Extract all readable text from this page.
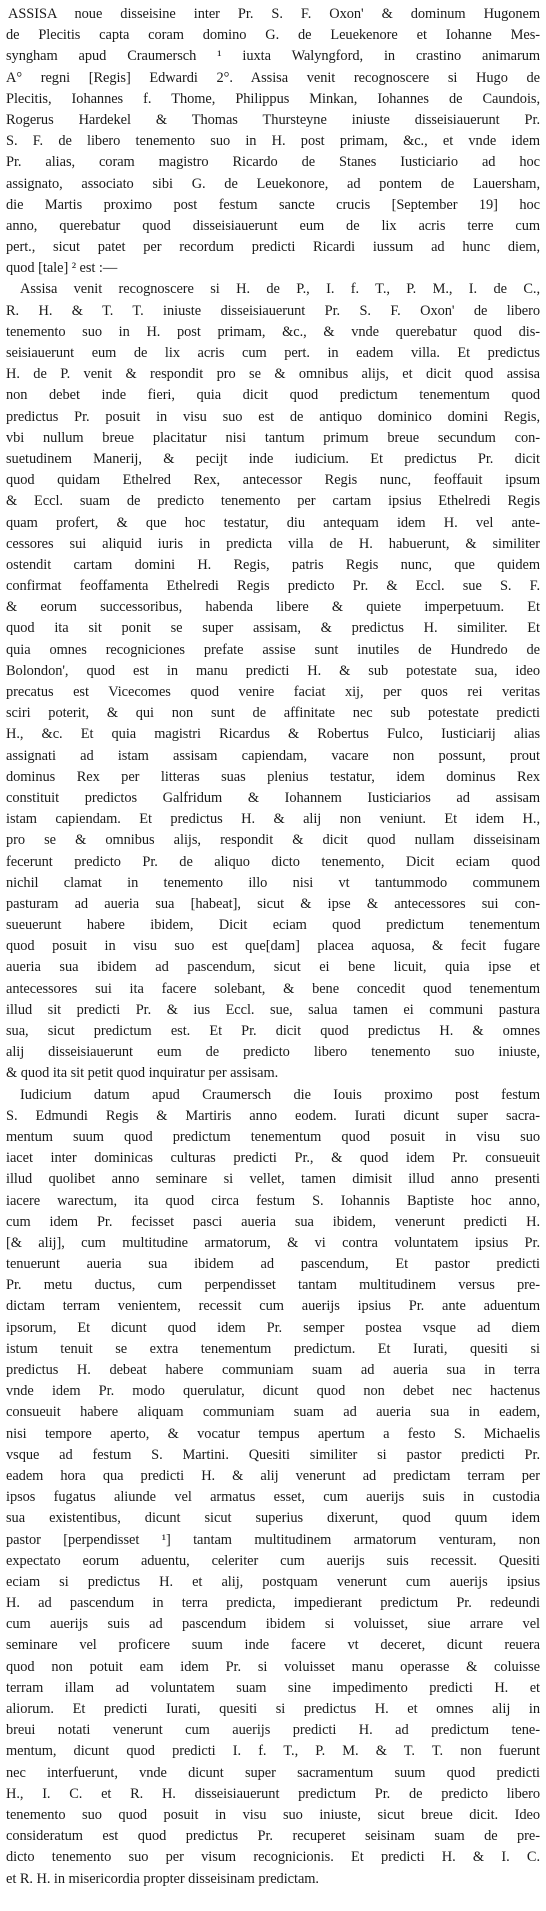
ASSISA noue disseisine inter Pr. S. F. Oxon' & dominum Hugonem
de Plecitis capta coram domino G. de Leuekenore et Iohanne Mes-
syngham apud Craumersch ¹ iuxta Walyngford, in crastino animarum
A° regni [Regis] Edwardi 2°. Assisa venit recognoscere si Hugo de
Plecitis, Iohannes f. Thome, Philippus Minkan, Iohannes de Caundois,
Rogerus Hardekel & Thomas Thursteyne iniuste disseisiauerunt Pr.
S. F. de libero tenemento suo in H. post primam, &c., et vnde idem
Pr. alias, coram magistro Ricardo de Stanes Iusticiario ad hoc
assignato, associato sibi G. de Leuekonore, ad pontem de Lauersham,
die Martis proximo post festum sancte crucis [September 19] hoc
anno, querebatur quod disseisiauerunt eum de lix acris terre cum
pert., sicut patet per recordum predicti Ricardi iussum ad hunc diem,
quod [tale] ² est :—
Assisa venit recognoscere si H. de P., I. f. T., P. M., I. de C.,
R. H. & T. T. iniuste disseisiauerunt Pr. S. F. Oxon' de libero
tenemento suo in H. post primam, &c., & vnde querebatur quod dis-
seisiauerunt eum de lix acris cum pert. in eadem villa. Et predictus
H. de P. venit & respondit pro se & omnibus alijs, et dicit quod assisa
non debet inde fieri, quia dicit quod predictum tenementum quod
predictus Pr. posuit in visu suo est de antiquo dominico domini Regis,
vbi nullum breue placitatur nisi tantum primum breue secundum con-
suetudinem Manerij, & pecijt inde iudicium. Et predictus Pr. dicit
quod quidam Ethelred Rex, antecessor Regis nunc, feoffauit ipsum
& Eccl. suam de predicto tenemento per cartam ipsius Ethelredi Regis
quam profert, & que hoc testatur, diu antequam idem H. vel ante-
cessores sui aliquid iuris in predicta villa de H. habuerunt, & similiter
ostendit cartam domini H. Regis, patris Regis nunc, que quidem
confirmat feoffamenta Ethelredi Regis predicto Pr. & Eccl. sue S. F.
& eorum successoribus, habenda libere & quiete imperpetuum. Et
quod ita sit ponit se super assisam, & predictus H. similiter. Et
quia omnes recogniciones prefate assise sunt inutiles de Hundredo de
Bolondon', quod est in manu predicti H. & sub potestate sua, ideo
precatus est Vicecomes quod venire faciat xij, per quos rei veritas
sciri poterit, & qui non sunt de affinitate nec sub potestate predicti
H., &c. Et quia magistri Ricardus & Robertus Fulco, Iusticiarij alias
assignati ad istam assisam capiendam, vacare non possunt, prout
dominus Rex per litteras suas plenius testatur, idem dominus Rex
constituit predictos Galfridum & Iohannem Iusticiarios ad assisam
istam capiendam. Et predictus H. & alij non veniunt. Et idem H.,
pro se & omnibus alijs, respondit & dicit quod nullam disseisinam
fecerunt predicto Pr. de aliquo dicto tenemento, Dicit eciam quod
nichil clamat in tenemento illo nisi vt tantummodo communem
pasturam ad aueria sua [habeat], sicut & ipse & antecessores sui con-
sueuerunt habere ibidem, Dicit eciam quod predictum tenementum
quod posuit in visu suo est que[dam] placea aquosa, & fecit fugare
aueria sua ibidem ad pascendum, sicut ei bene licuit, quia ipse et
antecessores sui ita facere solebant, & bene concedit quod tenementum
illud sit predicti Pr. & ius Eccl. sue, salua tamen ei communi pastura
sua, sicut predictum est. Et Pr. dicit quod predictus H. & omnes
alij disseisiauerunt eum de predicto libero tenemento suo iniuste,
& quod ita sit petit quod inquiratur per assisam.
Iudicium datum apud Craumersch die Iouis proximo post festum
S. Edmundi Regis & Martiris anno eodem. Iurati dicunt super sacra-
mentum suum quod predictum tenementum quod posuit in visu suo
iacet inter dominicas culturas predicti Pr., & quod idem Pr. consueuit
illud quolibet anno seminare si vellet, tamen dimisit illud anno presenti
iacere warectum, ita quod circa festum S. Iohannis Baptiste hoc anno,
cum idem Pr. fecisset pasci aueria sua ibidem, venerunt predicti H.
[& alij], cum multitudine armatorum, & vi contra voluntatem ipsius Pr.
tenuerunt aueria sua ibidem ad pascendum, Et pastor predicti
Pr. metu ductus, cum perpendisset tantam multitudinem versus pre-
dictam terram venientem, recessit cum auerijs ipsius Pr. ante aduentum
ipsorum, Et dicunt quod idem Pr. semper postea vsque ad diem
istum tenuit se extra tenementum predictum. Et Iurati, quesiti si
predictus H. debeat habere communiam suam ad aueria sua in terra
vnde idem Pr. modo querulatur, dicunt quod non debet nec hactenus
consueuit habere aliquam communiam suam ad aueria sua in eadem,
nisi tempore aperto, & vocatur tempus apertum a festo S. Michaelis
vsque ad festum S. Martini. Quesiti similiter si pastor predicti Pr.
eadem hora qua predicti H. & alij venerunt ad predictam terram per
ipsos fugatus aliunde vel armatus esset, cum auerijs suis in custodia
sua existentibus, dicunt sicut superius dixerunt, quod quum idem
pastor [perpendisset ¹] tantam multitudinem armatorum venturam, non
expectato eorum aduentu, celeriter cum auerijs suis recessit. Quesiti
eciam si predictus H. et alij, postquam venerunt cum auerijs ipsius
H. ad pascendum in terra predicta, impedierant predictum Pr. redeundi
cum auerijs suis ad pascendum ibidem si voluisset, siue arrare vel
seminare vel proficere suum inde facere vt deceret, dicunt reuera
quod non potuit eam idem Pr. si voluisset manu operasse & coluisse
terram illam ad voluntatem suam sine impedimento predicti H. et
aliorum. Et predicti Iurati, quesiti si predictus H. et omnes alij in
breui notati venerunt cum auerijs predicti H. ad predictum tene-
mentum, dicunt quod predicti I. f. T., P. M. & T. T. non fuerunt
nec interfuerunt, vnde dicunt super sacramentum suum quod predicti
H., I. C. et R. H. disseisiauerunt predictum Pr. de predicto libero
tenemento suo quod posuit in visu suo iniuste, sicut breue dicit. Ideo
consideratum est quod predictus Pr. recuperet seisinam suam de pre-
dicto tenemento suo per visum recognicionis. Et predicti H. & I. C.
et R. H. in misericordia propter disseisinam predictam.
